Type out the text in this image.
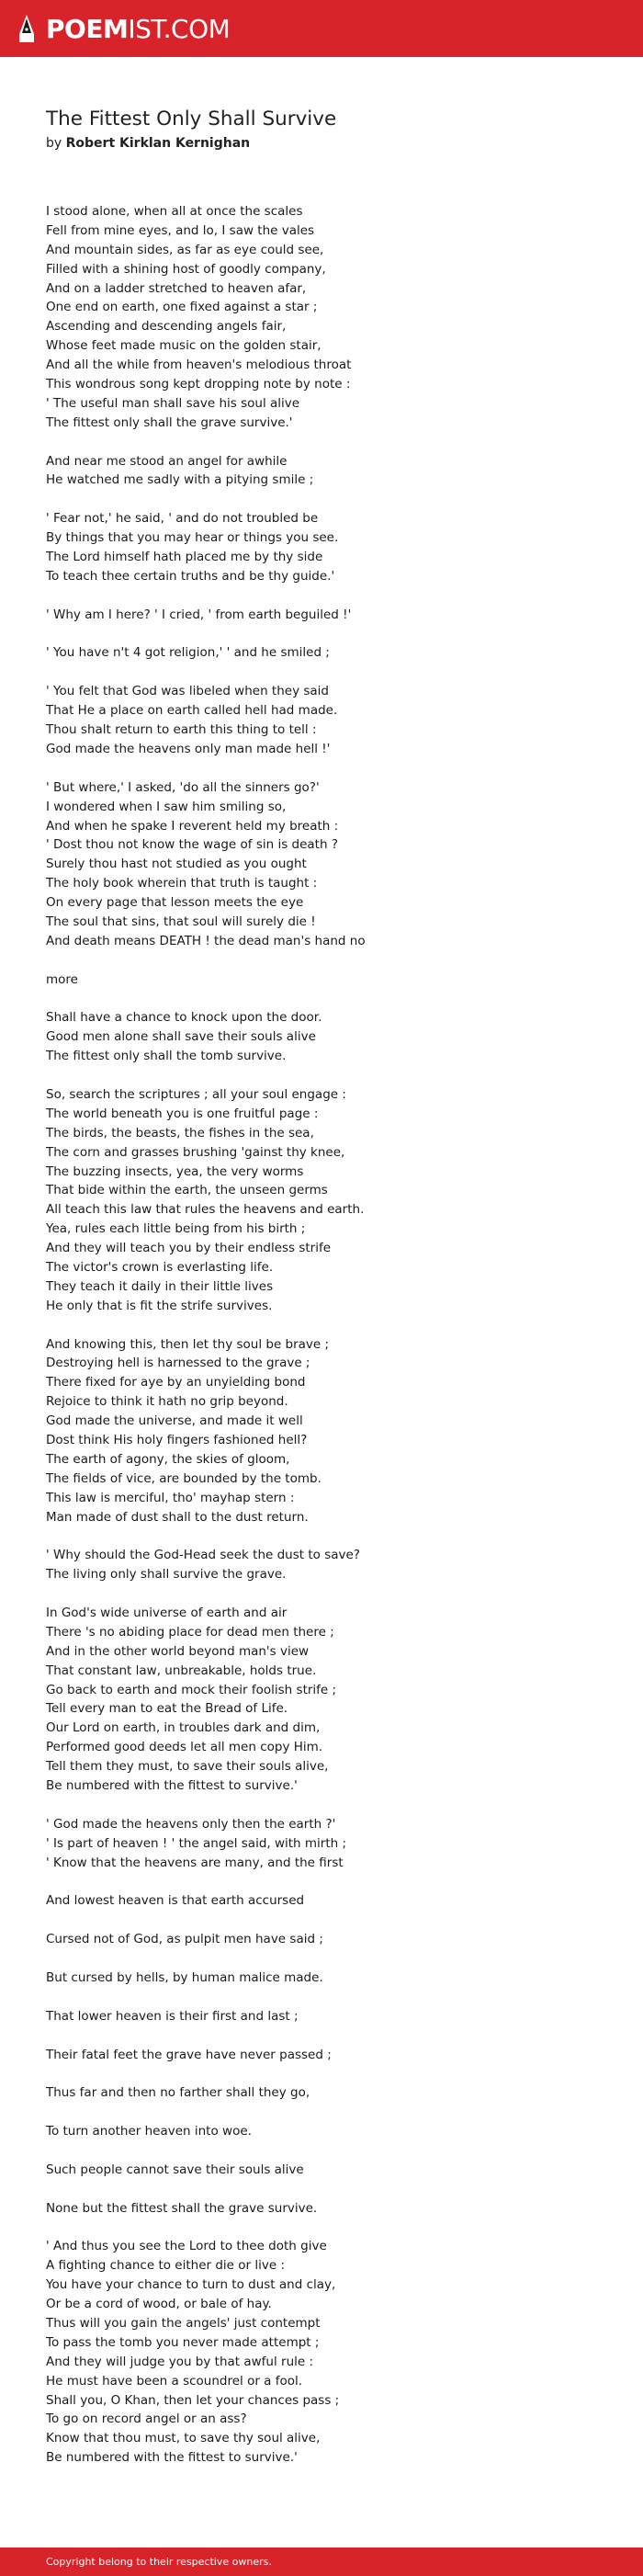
POEMIST.COM
The Fittest Only Shall Survive
by Robert Kirklan Kernighan
I stood alone, when all at once the scales
Fell from mine eyes, and lo, I saw the vales
And mountain sides, as far as eye could see,
Filled with a shining host of goodly company,
And on a ladder stretched to heaven afar,
One end on earth, one fixed against a star ;
Ascending and descending angels fair,
Whose feet made music on the golden stair,
And all the while from heaven's melodious throat
This wondrous song kept dropping note by note :
' The useful man shall save his soul alive
The fittest only shall the grave survive.'
And near me stood an angel for awhile
He watched me sadly with a pitying smile ;
' Fear not,' he said, ' and do not troubled be
By things that you may hear or things you see.
The Lord himself hath placed me by thy side
To teach thee certain truths and be thy guide.'
' Why am I here? ' I cried, ' from earth beguiled !'
' You have n't 4 got religion,' ' and he smiled ;
' You felt that God was libeled when they said
That He a place on earth called hell had made.
Thou shalt return to earth this thing to tell :
God made the heavens only man made hell !'
' But where,' I asked, 'do all the sinners go?'
I wondered when I saw him smiling so,
And when he spake I reverent held my breath :
' Dost thou not know the wage of sin is death ?
Surely thou hast not studied as you ought
The holy book wherein that truth is taught :
On every page that lesson meets the eye
The soul that sins, that soul will surely die !
And death means DEATH ! the dead man's hand no
more
Shall have a chance to knock upon the door.
Good men alone shall save their souls alive
The fittest only shall the tomb survive.
So, search the scriptures ; all your soul engage :
The world beneath you is one fruitful page :
The birds, the beasts, the fishes in the sea,
The corn and grasses brushing 'gainst thy knee,
The buzzing insects, yea, the very worms
That bide within the earth, the unseen germs
All teach this law that rules the heavens and earth.
Yea, rules each little being from his birth ;
And they will teach you by their endless strife
The victor's crown is everlasting life.
They teach it daily in their little lives
He only that is fit the strife survives.
And knowing this, then let thy soul be brave ;
Destroying hell is harnessed to the grave ;
There fixed for aye by an unyielding bond
Rejoice to think it hath no grip beyond.
God made the universe, and made it well
Dost think His holy fingers fashioned hell?
The earth of agony, the skies of gloom,
The fields of vice, are bounded by the tomb.
This law is merciful, tho' mayhap stern :
Man made of dust shall to the dust return.
' Why should the God-Head seek the dust to save?
The living only shall survive the grave.
In God's wide universe of earth and air
There 's no abiding place for dead men there ;
And in the other world beyond man's view
That constant law, unbreakable, holds true.
Go back to earth and mock their foolish strife ;
Tell every man to eat the Bread of Life.
Our Lord on earth, in troubles dark and dim,
Performed good deeds let all men copy Him.
Tell them they must, to save their souls alive,
Be numbered with the fittest to survive.'
' God made the heavens only then the earth ?'
' Is part of heaven ! ' the angel said, with mirth ;
' Know that the heavens are many, and the first
And lowest heaven is that earth accursed
Cursed not of God, as pulpit men have said ;
But cursed by hells, by human malice made.
That lower heaven is their first and last ;
Their fatal feet the grave have never passed ;
Thus far and then no farther shall they go,
To turn another heaven into woe.
Such people cannot save their souls alive
None but the fittest shall the grave survive.
' And thus you see the Lord to thee doth give
A fighting chance to either die or live :
You have your chance to turn to dust and clay,
Or be a cord of wood, or bale of hay.
Thus will you gain the angels' just contempt
To pass the tomb you never made attempt ;
And they will judge you by that awful rule :
He must have been a scoundrel or a fool.
Shall you, O Khan, then let your chances pass ;
To go on record angel or an ass?
Know that thou must, to save thy soul alive,
Be numbered with the fittest to survive.'
Copyright belong to their respective owners.
